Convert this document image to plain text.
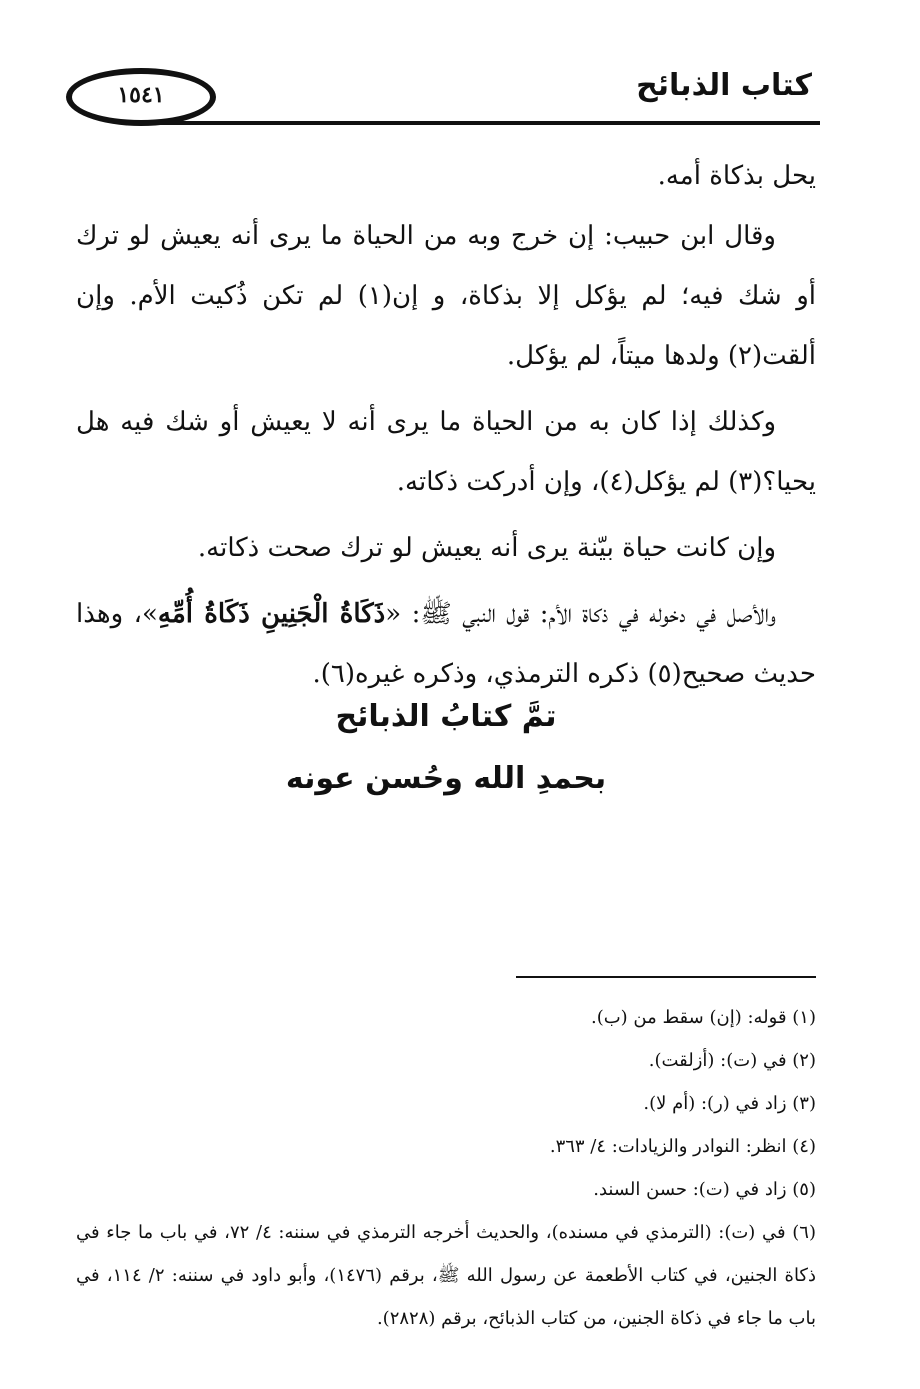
١٥٤١	كتاب الذبائح

يحل بذكاة أمه.

وقال ابن حبيب: إن خرج وبه من الحياة ما يرى أنه يعيش لو ترك أو شك فيه؛ لم يؤكل إلا بذكاة، و إن(١) لم تكن ذُكيت الأم. وإن ألقت(٢) ولدها ميتاً، لم يؤكل.

وكذلك إذا كان به من الحياة ما يرى أنه لا يعيش أو شك فيه هل يحيا؟(٣) لم يؤكل(٤)، وإن أدركت ذكاته.

وإن كانت حياة بيّنة يرى أنه يعيش لو ترك صحت ذكاته.

والأصل في دخوله في ذكاة الأم: قول النبي ﷺ: «ذَكَاةُ الْجَنِينِ ذَكَاةُ أُمِّهِ»، وهذا حديث صحيح(٥) ذكره الترمذي، وذكره غيره(٦).

تمَّ كتابُ الذبائح
بحمدِ الله وحُسن عونه
(١) قوله: (إن) سقط من (ب).
(٢) في (ت): (أزلقت).
(٣) زاد في (ر): (أم لا).
(٤) انظر: النوادر والزيادات: ٤/ ٣٦٣.
(٥) زاد في (ت): حسن السند.
(٦) في (ت): (الترمذي في مسنده)، والحديث أخرجه الترمذي في سننه: ٤/ ٧٢، في باب ما جاء في ذكاة الجنين، في كتاب الأطعمة عن رسول الله ﷺ، برقم (١٤٧٦)، وأبو داود في سننه: ٢/ ١١٤، في باب ما جاء في ذكاة الجنين، من كتاب الذبائح، برقم (٢٨٢٨).
